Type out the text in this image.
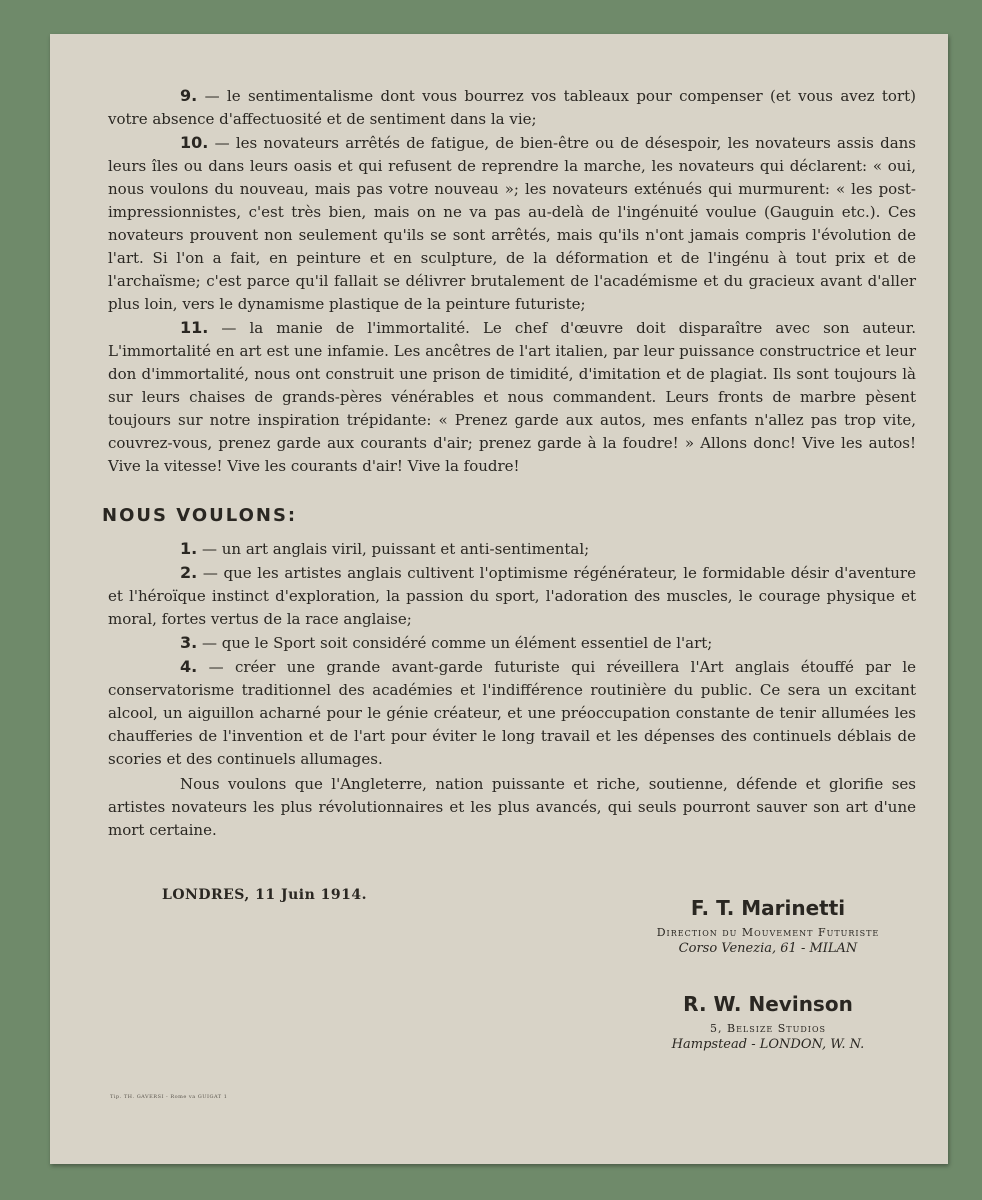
9. — le sentimentalisme dont vous bourrez vos tableaux pour compenser (et vous avez tort) votre absence d'affectuosité et de sentiment dans la vie;

10. — les novateurs arrêtés de fatigue, de bien-être ou de désespoir, les novateurs assis dans leurs îles ou dans leurs oasis et qui refusent de reprendre la marche, les novateurs qui déclarent: « oui, nous voulons du nouveau, mais pas votre nouveau »; les novateurs exténués qui murmurent: « les post-impressionnistes, c'est très bien, mais on ne va pas au-delà de l'ingénuité voulue (Gauguin etc.). Ces novateurs prouvent non seulement qu'ils se sont arrêtés, mais qu'ils n'ont jamais compris l'évolution de l'art. Si l'on a fait, en peinture et en sculpture, de la déformation et de l'ingénu à tout prix et de l'archaïsme; c'est parce qu'il fallait se délivrer brutalement de l'académisme et du gracieux avant d'aller plus loin, vers le dynamisme plastique de la peinture futuriste;

11. — la manie de l'immortalité. Le chef d'œuvre doit disparaître avec son auteur. L'immortalité en art est une infamie. Les ancêtres de l'art italien, par leur puissance constructrice et leur don d'immortalité, nous ont construit une prison de timidité, d'imitation et de plagiat. Ils sont toujours là sur leurs chaises de grands-pères vénérables et nous commandent. Leurs fronts de marbre pèsent toujours sur notre inspiration trépidante: « Prenez garde aux autos, mes enfants n'allez pas trop vite, couvrez-vous, prenez garde aux courants d'air; prenez garde à la foudre! » Allons donc! Vive les autos! Vive la vitesse! Vive les courants d'air! Vive la foudre!

NOUS VOULONS:

1. — un art anglais viril, puissant et anti-sentimental;

2. — que les artistes anglais cultivent l'optimisme régénérateur, le formidable désir d'aventure et l'héroïque instinct d'exploration, la passion du sport, l'adoration des muscles, le courage physique et moral, fortes vertus de la race anglaise;

3. — que le Sport soit considéré comme un élément essentiel de l'art;

4. — créer une grande avant-garde futuriste qui réveillera l'Art anglais étouffé par le conservatorisme traditionnel des académies et l'indifférence routinière du public. Ce sera un excitant alcool, un aiguillon acharné pour le génie créateur, et une préoccupation constante de tenir allumées les chaufferies de l'invention et de l'art pour éviter le long travail et les dépenses des continuels déblais de scories et des continuels allumages.

Nous voulons que l'Angleterre, nation puissante et riche, soutienne, défende et glorifie ses artistes novateurs les plus révolutionnaires et les plus avancés, qui seuls pourront sauver son art d'une mort certaine.

LONDRES, 11 Juin 1914.
F. T. Marinetti
Direction du Mouvement Futuriste
Corso Venezia, 61 - MILAN
R. W. Nevinson
5, Belsize Studios
Hampstead - LONDON, W. N.
Tip. TH. GAVERSI - Rome va GUIGAT 1
